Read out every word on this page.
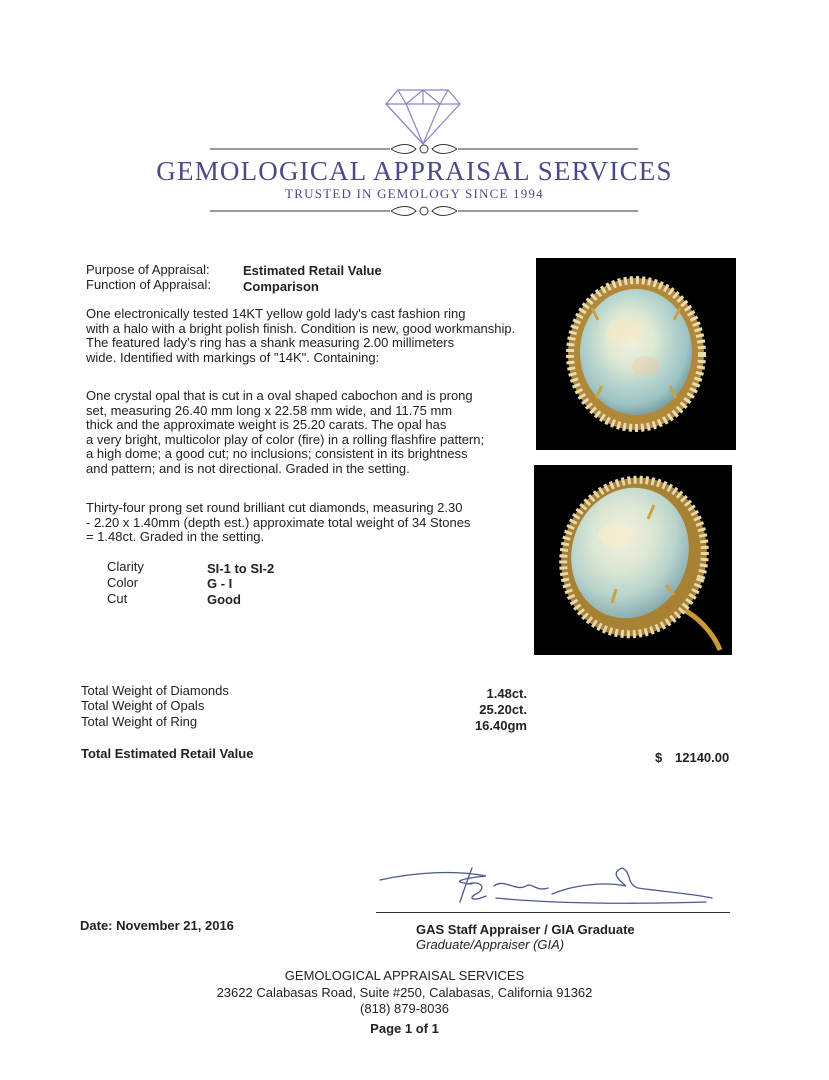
GEMOLOGICAL APPRAISAL SERVICES
TRUSTED IN GEMOLOGY SINCE 1994
Purpose of Appraisal:	Estimated Retail Value
Function of Appraisal: Comparison
One electronically tested 14KT yellow gold lady's cast fashion ring
with a halo with a bright polish finish. Condition is new, good workmanship.
The featured lady's ring has a shank measuring 2.00 millimeters
wide. Identified with markings of "14K". Containing:
One crystal opal that is cut in a oval shaped cabochon and is prong
set, measuring 26.40 mm long x 22.58 mm wide, and 11.75 mm
thick and the approximate weight is 25.20 carats. The opal has
a very bright, multicolor play of color (fire) in a rolling flashfire pattern;
a high dome; a good cut; no inclusions; consistent in its brightness
and pattern; and is not directional. Graded in the setting.
Thirty-four prong set round brilliant cut diamonds, measuring 2.30
- 2.20 x 1.40mm (depth est.) approximate total weight of 34 Stones
= 1.48ct. Graded in the setting.
Clarity	SI-1 to SI-2
Color	G - I
Cut	Good
Total Weight of Diamonds	1.48ct.
Total Weight of Opals	25.20ct.
Total Weight of Ring	16.40gm
Total Estimated Retail Value	$ 12140.00
Date: November 21, 2016	GAS Staff Appraiser / GIA Graduate
Graduate/Appraiser (GIA)
GEMOLOGICAL APPRAISAL SERVICES
23622 Calabasas Road, Suite #250, Calabasas, California 91362
(818) 879-8036
Page 1 of 1
